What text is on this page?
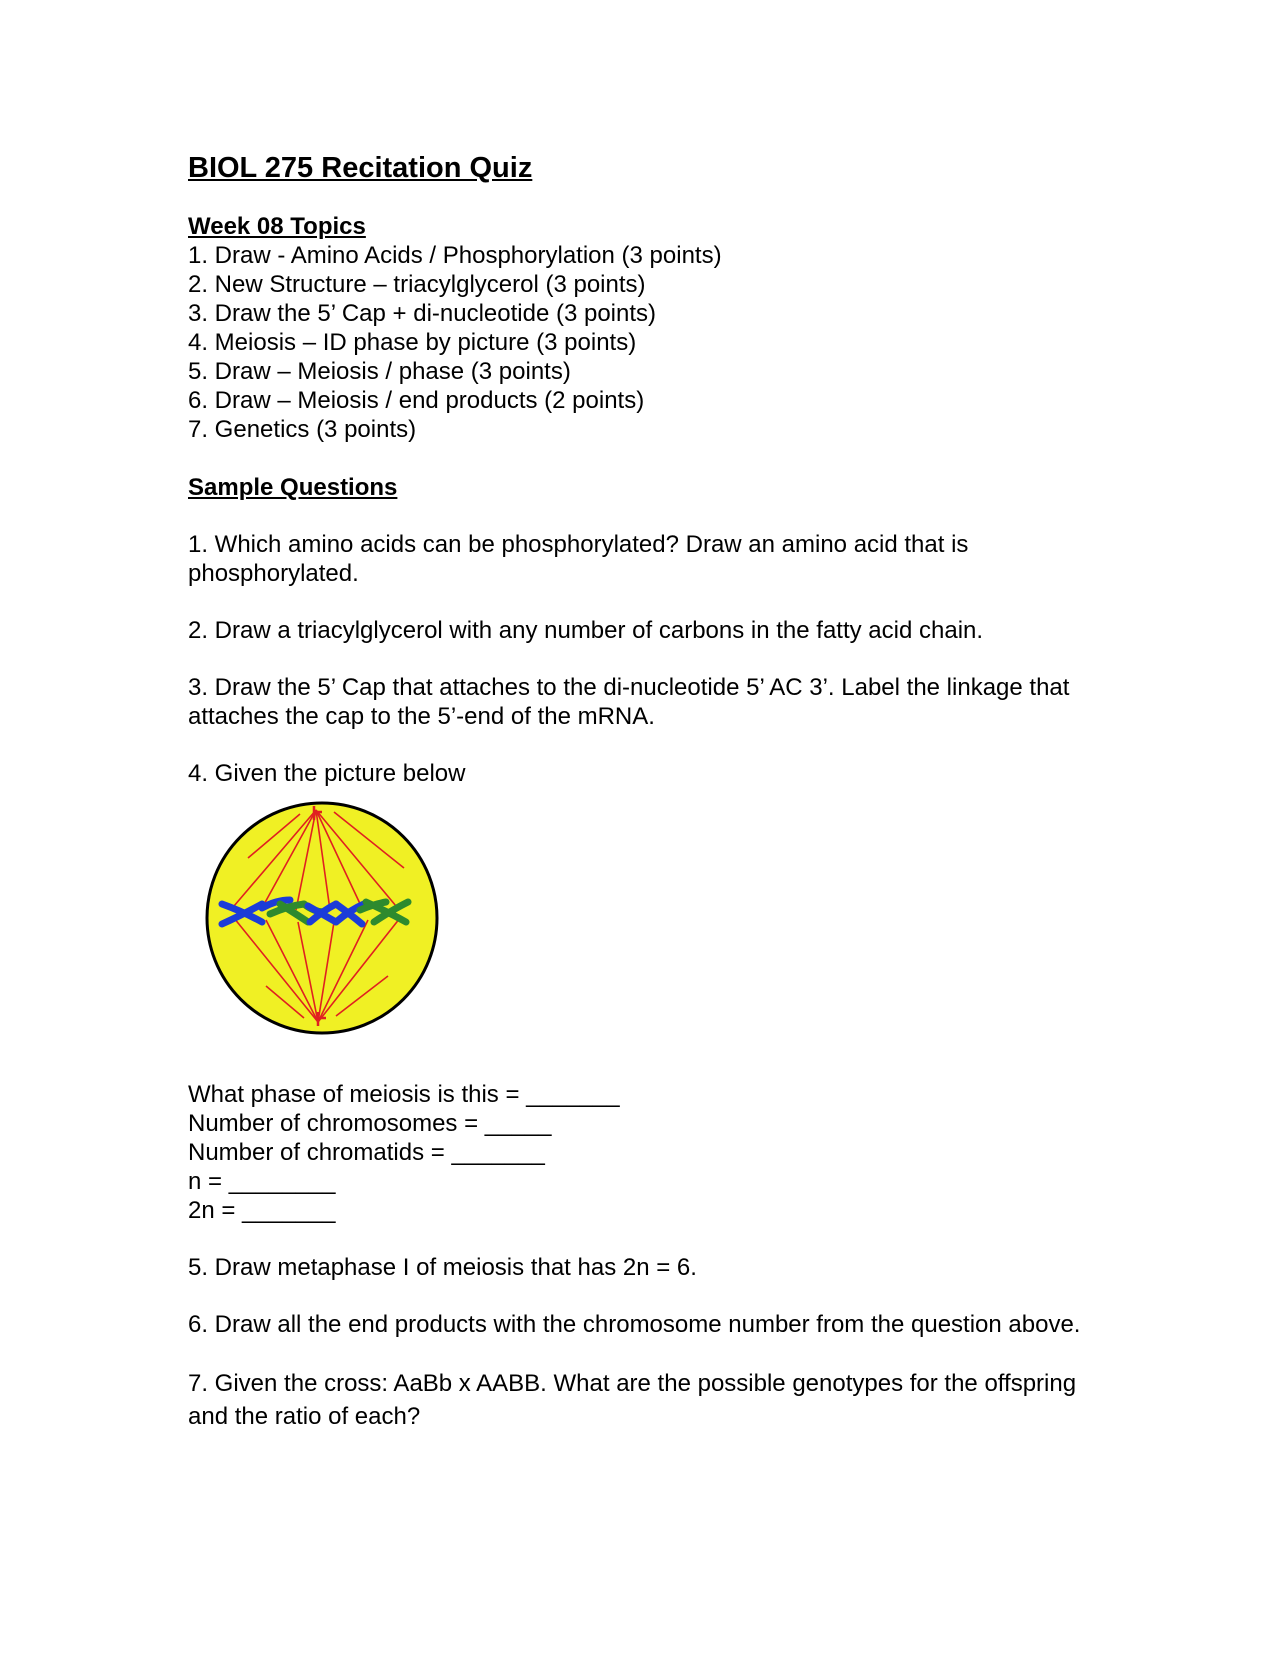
BIOL 275 Recitation Quiz

Week 08 Topics

1. Draw - Amino Acids / Phosphorylation (3 points)

2. New Structure – triacylglycerol (3 points)

3. Draw the 5’ Cap + di-nucleotide (3 points)

4. Meiosis – ID phase by picture (3 points)

5. Draw – Meiosis / phase (3 points)

6. Draw – Meiosis / end products (2 points)

7. Genetics (3 points)

Sample Questions

1. Which amino acids can be phosphorylated? Draw an amino acid that is phosphorylated.

2. Draw a triacylglycerol with any number of carbons in the fatty acid chain.

3. Draw the 5’ Cap that attaches to the di-nucleotide 5’ AC 3’. Label the linkage that attaches the cap to the 5’-end of the mRNA.

4. Given the picture below

What phase of meiosis is this = _______

Number of chromosomes = _____

Number of chromatids = _______

n = ________

2n = _______

5. Draw metaphase I of meiosis that has 2n = 6.

6. Draw all the end products with the chromosome number from the question above.

7. Given the cross: AaBb x AABB. What are the possible genotypes for the offspring and the ratio of each?
